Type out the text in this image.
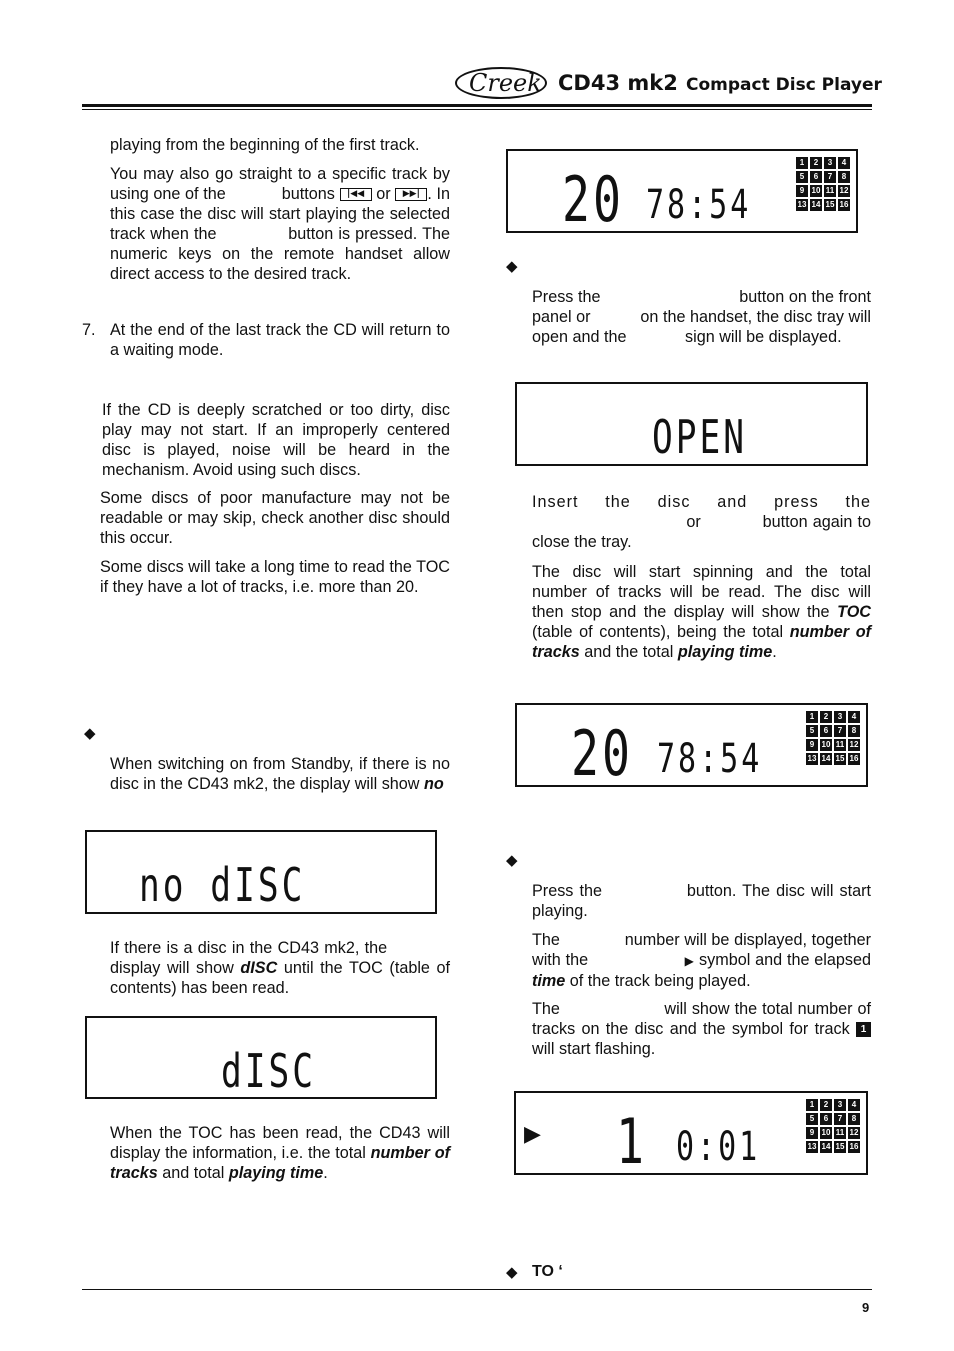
Creek CD43 mk2 Compact Disc Player
playing from the beginning of the first track.
You may also go straight to a specific track by using one of the	buttons |◀◀ or ▶▶| . In this case the disc will start playing the selected track when the	button is pressed. The numeric keys on the remote handset allow direct access to the desired track.
7. At the end of the last track the CD will return to a waiting mode.
If the CD is deeply scratched or too dirty, disc play may not start. If an improperly centered disc is played, noise will be heard in the mechanism. Avoid using such discs.
Some discs of poor manufacture may not be readable or may skip, check another disc should this occur.
Some discs will take a long time to read the TOC if they have a lot of tracks, i.e. more than 20.
◆
When switching on from Standby, if there is no disc in the CD43 mk2, the display will show no
no dISC
If there is a disc in the CD43 mk2, the             display will show dISC until the TOC (table of contents) has been read.
dISC
When the TOC has been read, the CD43 will display the information, i.e. the total number of tracks and total playing time.
20 78:54
1	2	3	4
5	6	7	8
9 10 11 12
13 14 15 16
◆
Press the	button on the front panel or	on the handset, the disc tray will open and the	sign will be displayed.
OPEN
Insert the disc and press the                               or	button again to close the tray.
The disc will start spinning and the total number of tracks will be read. The disc will then stop and the display will show the TOC (table of contents), being the total number of tracks and the total playing time.
20 78:54
1	2	3	4
5	6	7	8
9 10 11 12
13 14 15 16
◆
Press the	button. The disc will start playing.
The	number will be displayed, together with the	▶ symbol and the elapsed time of the track being played.
The	will show the total number of tracks on the disc and the symbol for track 1 will start flashing.
▶ 1 0:01
1	2	3	4
5	6	7	8
9 10 11 12
13 14 15 16
◆ TO ‘
9
